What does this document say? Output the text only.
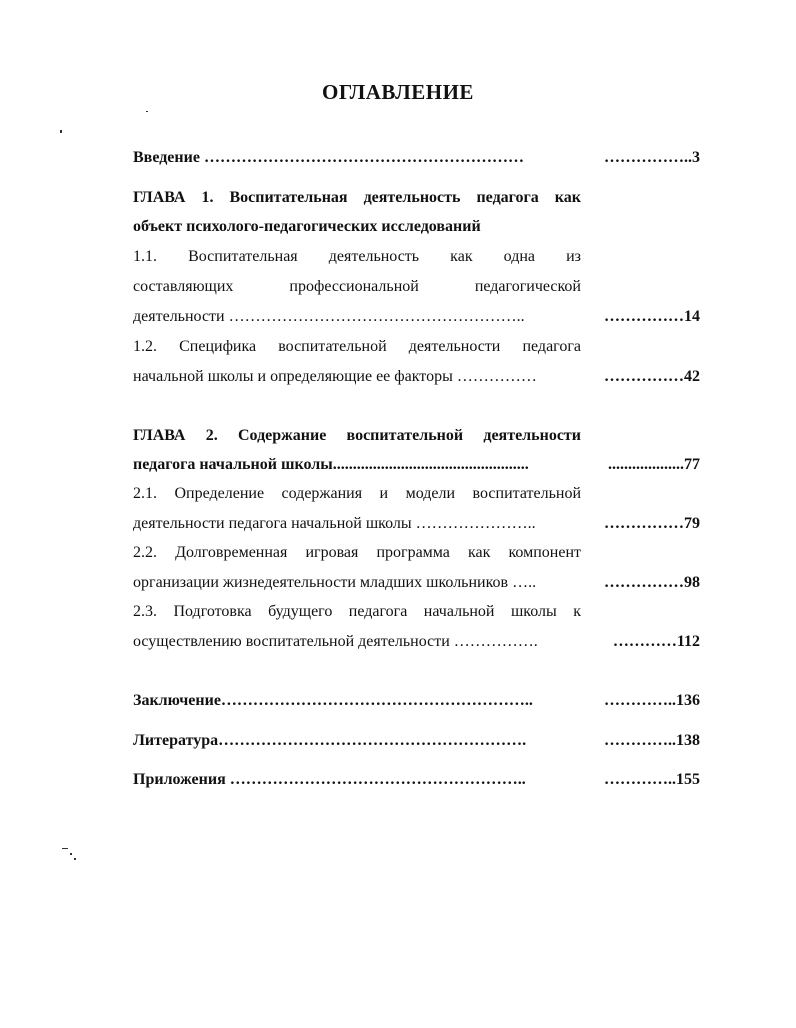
ОГЛАВЛЕНИЕ
Введение ……………………………………………………	……………..3
ГЛАВА 1. Воспитательная деятельность педагога как
объект психолого-педагогических исследований
1.1. Воспитательная деятельность как одна из
составляющих профессиональной педагогической
деятельности ………………………………………………..	……………14
1.2. Специфика воспитательной деятельности педагога
начальной школы и определяющие ее факторы ……………	……………42
ГЛАВА 2. Содержание воспитательной деятельности
педагога начальной школы.................................................	...................77
2.1. Определение содержания и модели воспитательной
деятельности педагога начальной школы …………………..	……………79
2.2. Долговременная игровая программа как компонент
организации жизнедеятельности младших школьников …..	……………98
2.3. Подготовка будущего педагога начальной школы к
осуществлению воспитательной деятельности …………….	…………112
Заключение…………………………………………………..	…………..136
Литература………………………………………………….	…………..138
Приложения ………………………………………………..	…………..155
